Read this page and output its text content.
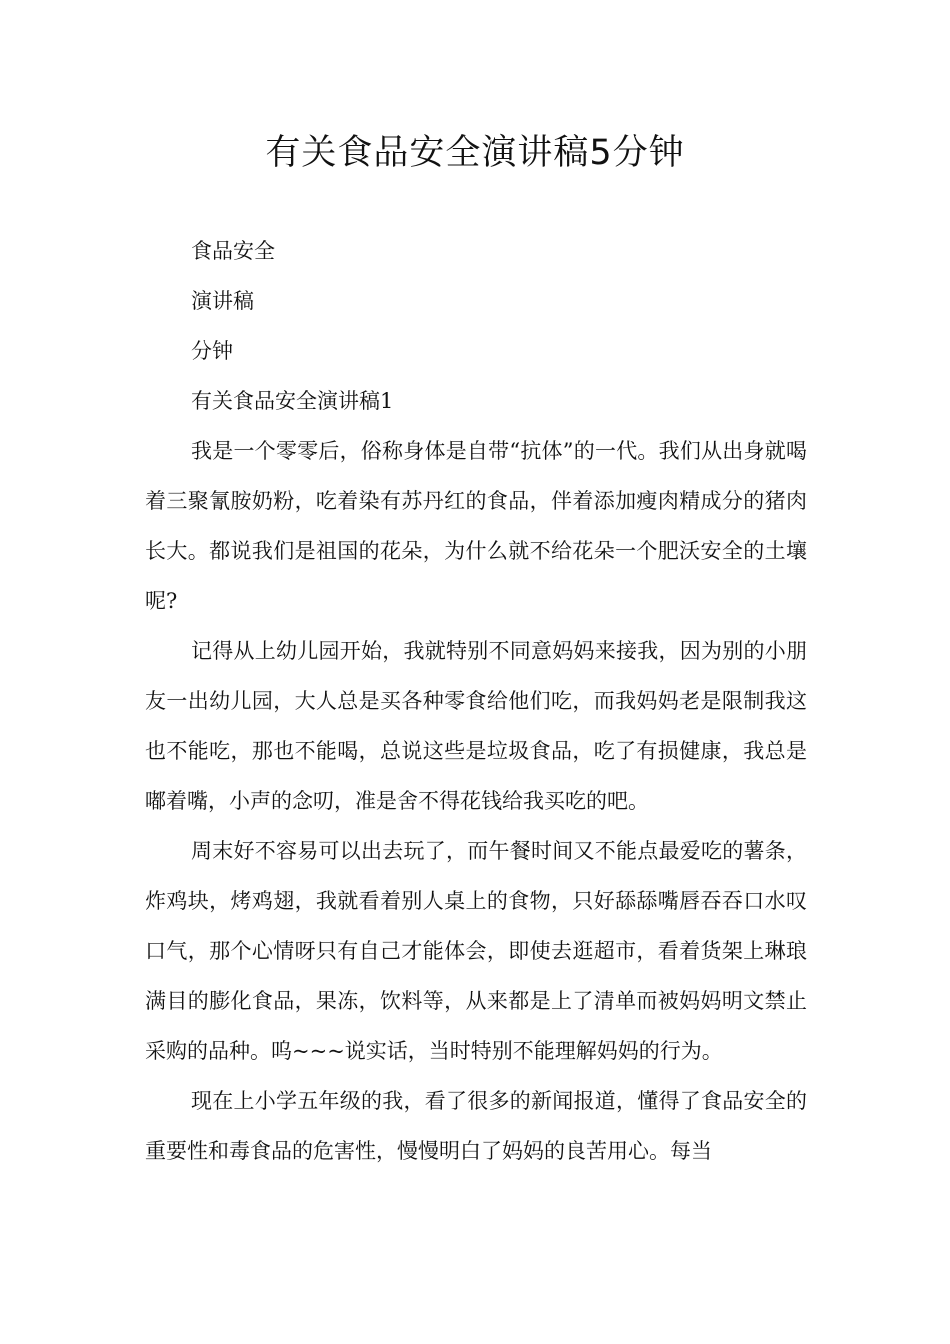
有关食品安全演讲稿5分钟

食品安全

演讲稿

分钟

有关食品安全演讲稿1

我是一个零零后，俗称身体是自带“抗体”的一代。我们从出身就喝着三聚氰胺奶粉，吃着染有苏丹红的食品，伴着添加瘦肉精成分的猪肉长大。都说我们是祖国的花朵，为什么就不给花朵一个肥沃安全的土壤呢?

记得从上幼儿园开始，我就特别不同意妈妈来接我，因为别的小朋友一出幼儿园，大人总是买各种零食给他们吃，而我妈妈老是限制我这也不能吃，那也不能喝，总说这些是垃圾食品，吃了有损健康，我总是嘟着嘴，小声的念叨，准是舍不得花钱给我买吃的吧。

周末好不容易可以出去玩了，而午餐时间又不能点最爱吃的薯条，炸鸡块，烤鸡翅，我就看着别人桌上的食物，只好舔舔嘴唇吞吞口水叹口气，那个心情呀只有自己才能体会，即使去逛超市，看着货架上琳琅满目的膨化食品，果冻，饮料等，从来都是上了清单而被妈妈明文禁止采购的品种。呜~~~说实话，当时特别不能理解妈妈的行为。

现在上小学五年级的我，看了很多的新闻报道，懂得了食品安全的重要性和毒食品的危害性，慢慢明白了妈妈的良苦用心。每当
